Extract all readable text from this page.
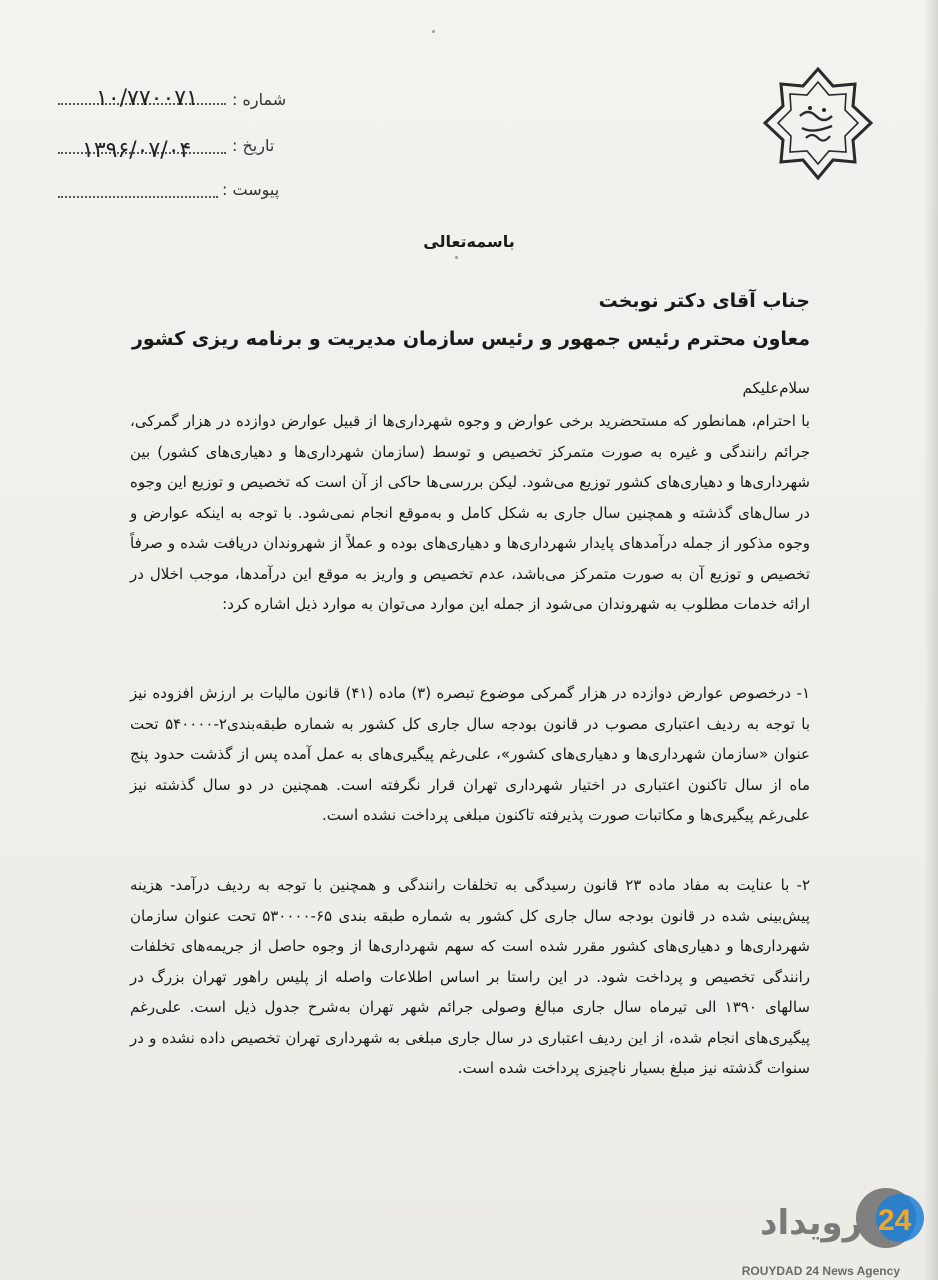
شماره :
۱۰/۷۷۰۰۷۱
تاریخ :
۱۳۹۶/۰۷/۰۴
پیوست :
باسمه‌تعالی
جناب آقای دکتر نوبخت
معاون محترم رئیس جمهور و رئیس سازمان مدیریت و برنامه ریزی کشور
سلام‌علیکم

با احترام، همانطور که مستحضرید برخی عوارض و وجوه شهرداری‌ها از قبیل عوارض دوازده در هزار گمرکی، جرائم رانندگی و غیره به صورت متمرکز تخصیص و توسط (سازمان شهرداری‌ها و دهیاری‌های کشور) بین شهرداری‌ها و دهیاری‌های کشور توزیع می‌شود. لیکن بررسی‌ها حاکی از آن است که تخصیص و توزیع این وجوه در سال‌های گذشته و همچنین سال جاری به شکل کامل و به‌موقع انجام نمی‌شود. با توجه به اینکه عوارض و وجوه مذکور از جمله درآمدهای پایدار شهرداری‌ها و دهیاری‌های بوده و عملاً از شهروندان دریافت شده و صرفاً تخصیص و توزیع آن به صورت متمرکز می‌باشد، عدم تخصیص و واریز به موقع این درآمدها، موجب اخلال در ارائه خدمات مطلوب به شهروندان می‌شود از جمله این موارد می‌توان به موارد ذیل اشاره کرد:

۱- درخصوص عوارض دوازده در هزار گمرکی موضوع تبصره (۳) ماده (۴۱) قانون مالیات بر ارزش افزوده نیز با توجه به ردیف اعتباری مصوب در قانون بودجه سال جاری کل کشور به شماره طبقه‌بندی۲-۵۴۰۰۰۰ تحت عنوان «سازمان شهرداری‌ها و دهیاری‌های کشور»، علی‌رغم پیگیری‌های به عمل آمده پس از گذشت حدود پنج ماه از سال تاکنون اعتباری در اختیار شهرداری تهران قرار نگرفته است. همچنین در دو سال گذشته نیز علی‌رغم پیگیری‌ها و مکاتبات صورت پذیرفته تاکنون مبلغی پرداخت نشده است.

۲- با عنایت به مفاد ماده ۲۳ قانون رسیدگی به تخلفات رانندگی و همچنین با توجه به ردیف درآمد- هزینه پیش‌بینی شده در قانون بودجه سال جاری کل کشور به شماره طبقه بندی ۶۵-۵۳۰۰۰۰ تحت عنوان سازمان شهرداری‌ها و دهیاری‌های کشور مقرر شده است که سهم شهرداری‌ها از وجوه حاصل از جریمه‌های تخلفات رانندگی تخصیص و پرداخت شود. در این راستا بر اساس اطلاعات واصله از پلیس راهور تهران بزرگ در سالهای ۱۳۹۰ الی تیرماه سال جاری مبالغ وصولی جرائم شهر تهران به‌شرح جدول ذیل است. علی‌رغم پیگیری‌های انجام شده، از این ردیف اعتباری در سال جاری مبلغی به شهرداری تهران تخصیص داده نشده و در سنوات گذشته نیز مبلغ بسیار ناچیزی پرداخت شده است.

24
رویداد
ROUYDAD 24 News Agency
